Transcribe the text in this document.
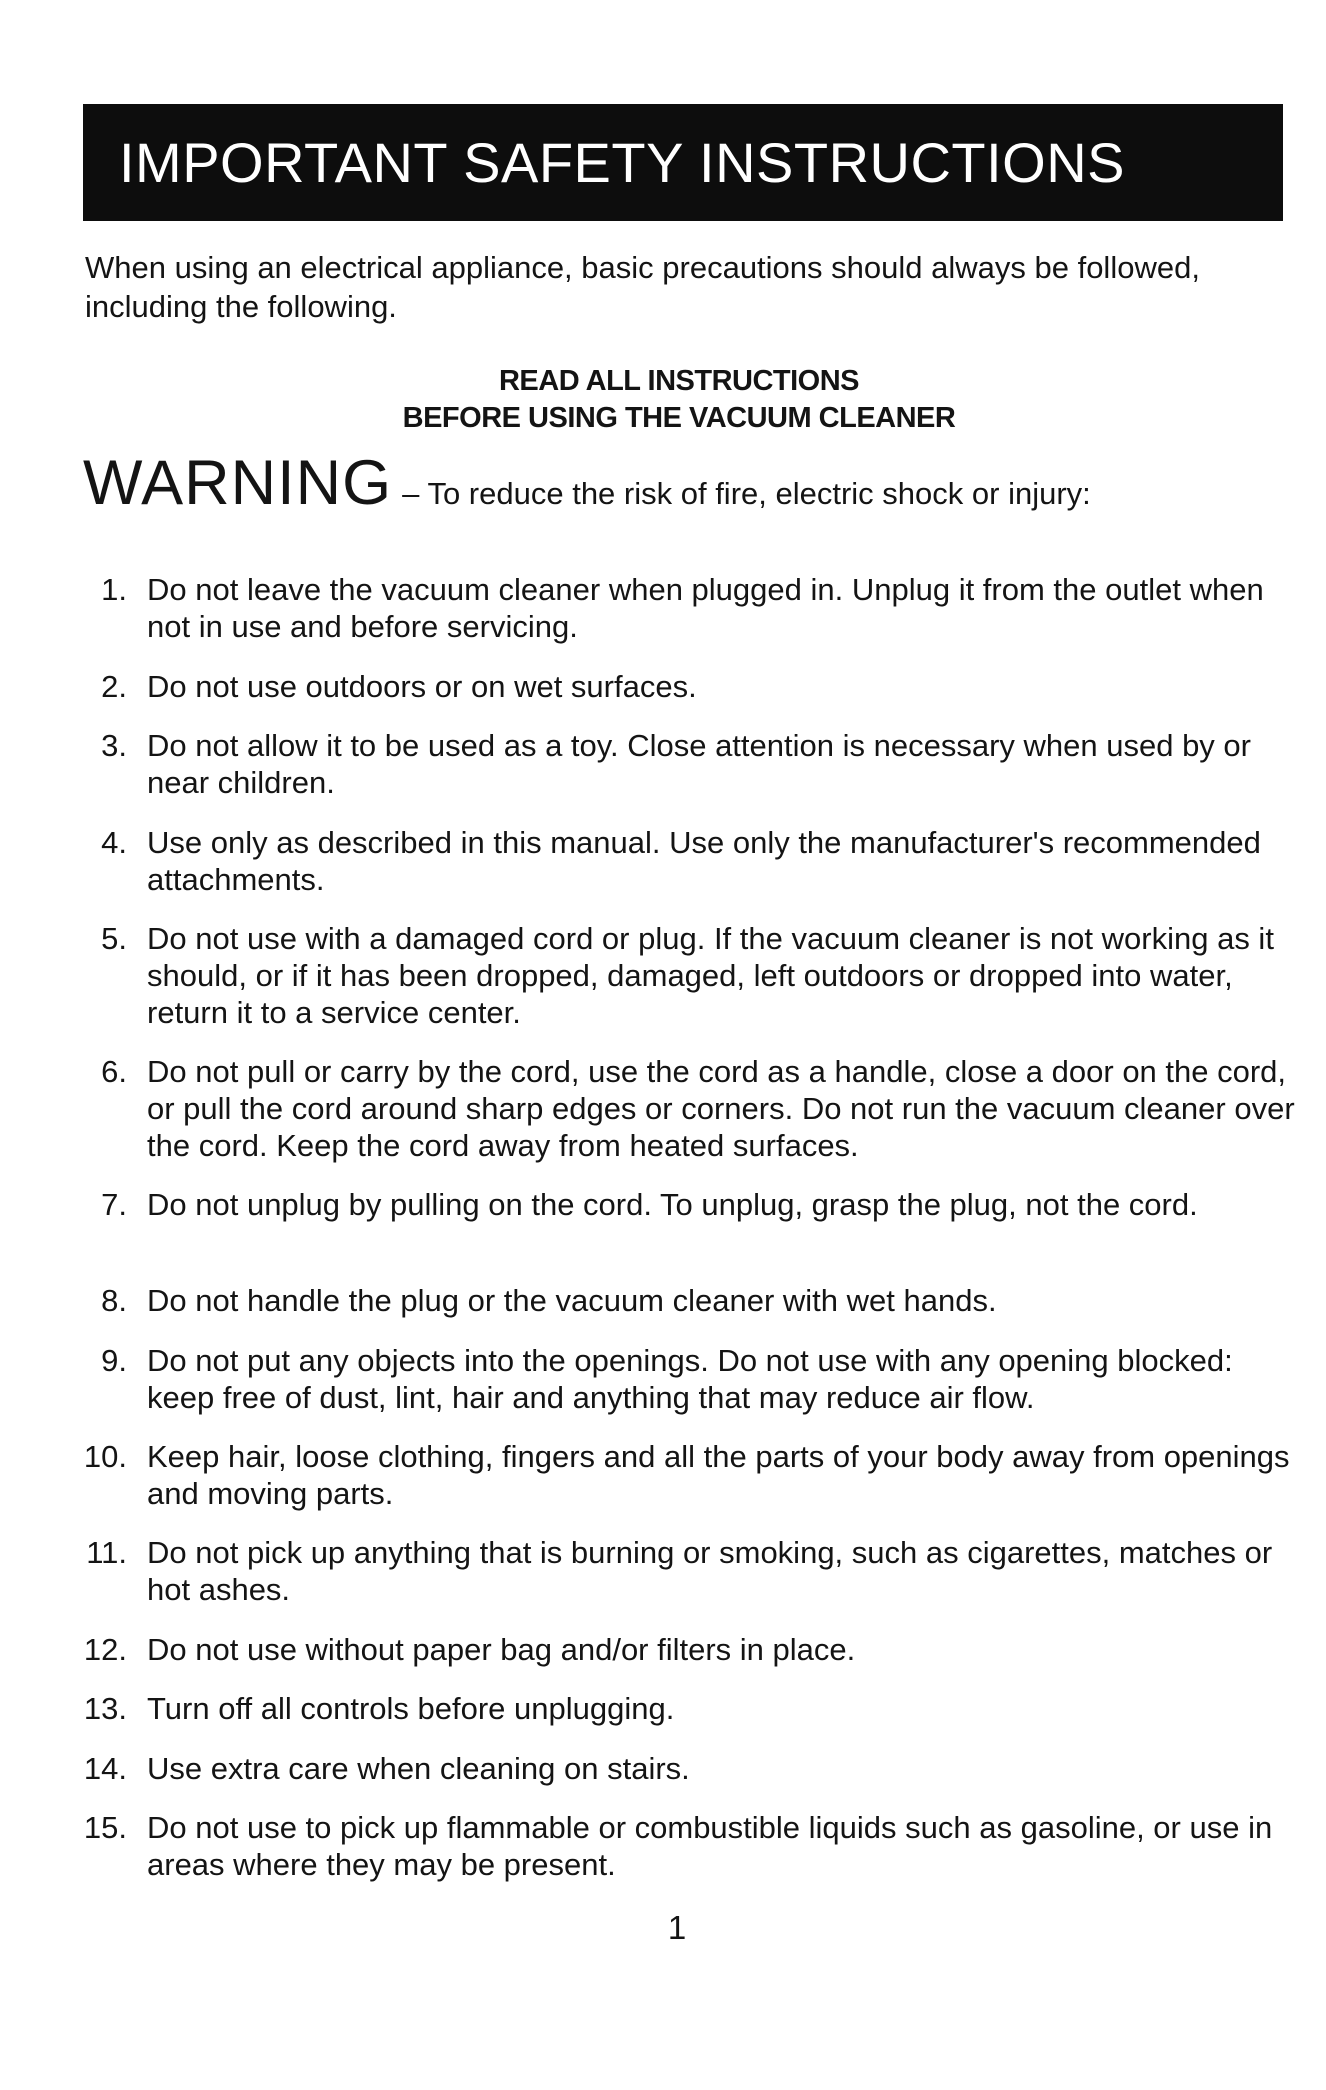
IMPORTANT SAFETY INSTRUCTIONS

When using an electrical appliance, basic precautions should always be followed, including the following.

READ ALL INSTRUCTIONS

BEFORE USING THE VACUUM CLEANER

WARNING – To reduce the risk of fire, electric shock or injury:
1. Do not leave the vacuum cleaner when plugged in. Unplug it from the outlet when not in use and before servicing.

2. Do not use outdoors or on wet surfaces.

3. Do not allow it to be used as a toy. Close attention is necessary when used by or near children.

4. Use only as described in this manual. Use only the manufacturer's recommended attachments.

5. Do not use with a damaged cord or plug. If the vacuum cleaner is not working as it should, or if it has been dropped, damaged, left outdoors or dropped into water, return it to a service center.

6. Do not pull or carry by the cord, use the cord as a handle, close a door on the cord, or pull the cord around sharp edges or corners. Do not run the vacuum cleaner over the cord. Keep the cord away from heated surfaces.

7. Do not unplug by pulling on the cord. To unplug, grasp the plug, not the cord.

8. Do not handle the plug or the vacuum cleaner with wet hands.

9. Do not put any objects into the openings. Do not use with any opening blocked: keep free of dust, lint, hair and anything that may reduce air flow.

10. Keep hair, loose clothing, fingers and all the parts of your body away from openings and moving parts.

11. Do not pick up anything that is burning or smoking, such as cigarettes, matches or hot ashes.

12. Do not use without paper bag and/or filters in place.

13. Turn off all controls before unplugging.

14. Use extra care when cleaning on stairs.

15. Do not use to pick up flammable or combustible liquids such as gasoline, or use in areas where they may be present.

1
